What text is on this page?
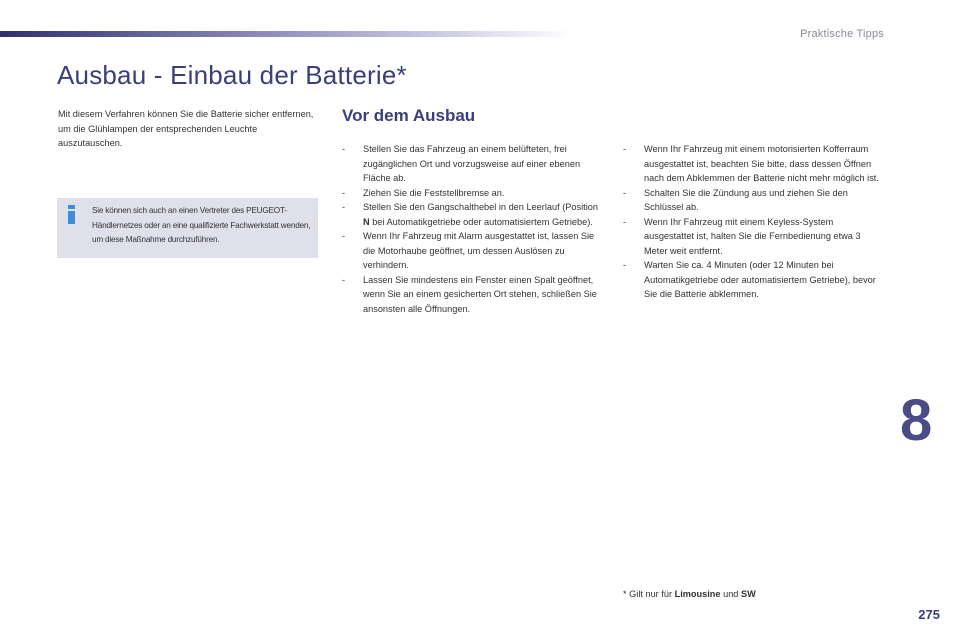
Praktische Tipps
Ausbau - Einbau der Batterie*
Mit diesem Verfahren können Sie die Batterie sicher entfernen, um die Glühlampen der entsprechenden Leuchte auszutauschen.
Sie können sich auch an einen Vertreter des PEUGEOT-Händlernetzes oder an eine qualifizierte Fachwerkstatt wenden, um diese Maßnahme durchzuführen.
Vor dem Ausbau
- Stellen Sie das Fahrzeug an einem belüfteten, frei zugänglichen Ort und vorzugsweise auf einer ebenen Fläche ab.
- Ziehen Sie die Feststellbremse an.
- Stellen Sie den Gangschalthebel in den Leerlauf (Position N bei Automatikgetriebe oder automatisiertem Getriebe).
- Wenn Ihr Fahrzeug mit Alarm ausgestattet ist, lassen Sie die Motorhaube geöffnet, um dessen Auslösen zu verhindern.
- Lassen Sie mindestens ein Fenster einen Spalt geöffnet, wenn Sie an einem gesicherten Ort stehen, schließen Sie ansonsten alle Öffnungen.
- Wenn Ihr Fahrzeug mit einem motorisierten Kofferraum ausgestattet ist, beachten Sie bitte, dass dessen Öffnen nach dem Abklemmen der Batterie nicht mehr möglich ist.
- Schalten Sie die Zündung aus und ziehen Sie den Schlüssel ab.
- Wenn Ihr Fahrzeug mit einem Keyless-System ausgestattet ist, halten Sie die Fernbedienung etwa 3 Meter weit entfernt.
- Warten Sie ca. 4 Minuten (oder 12 Minuten bei Automatikgetriebe oder automatisiertem Getriebe), bevor Sie die Batterie abklemmen.
* Gilt nur für Limousine und SW
8
275
